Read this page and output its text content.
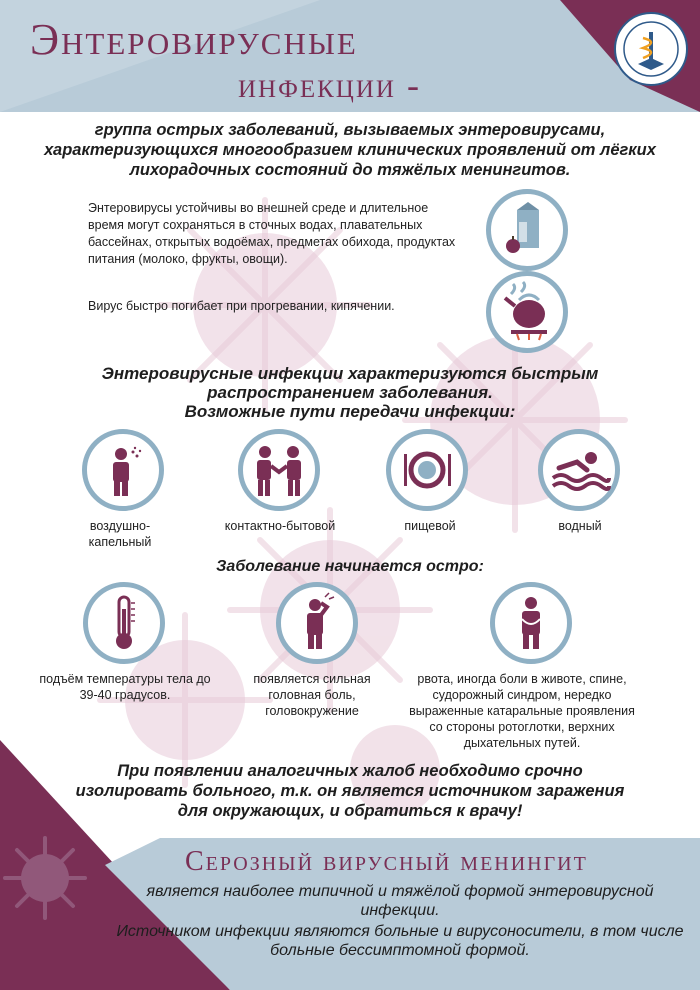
Энтеровирусные
инфекции -
группа острых заболеваний, вызываемых энтеровирусами, характеризующихся многообразием клинических проявлений от лёгких лихорадочных состояний до тяжёлых менингитов.
Энтеровирусы устойчивы во внешней среде и длительное время могут сохраняться в сточных водах, плавательных бассейнах, открытых водоёмах, предметах обихода, продуктах питания (молоко, фрукты, овощи).
Вирус быстро погибает при прогревании, кипячении.
Энтеровирусные инфекции характеризуются быстрым
распространением заболевания.
Возможные пути передачи инфекции:
воздушно-
капельный
контактно-бытовой	пищевой	водный
Заболевание начинается остро:
подъём температуры тела до 39-40 градусов.
появляется сильная головная боль, головокружение
рвота, иногда боли в животе, спине, судорожный синдром, нередко выраженные катаральные проявления со стороны ротоглотки, верхних дыхательных путей.
При появлении аналогичных жалоб необходимо срочно изолировать больного, т.к. он является источником заражения для окружающих, и обратиться к врачу!
Серозный вирусный менингит
является наиболее типичной и тяжёлой формой энтеровирусной инфекции.
Источником инфекции являются больные и вирусоносители, в том числе больные бессимптомной формой.
